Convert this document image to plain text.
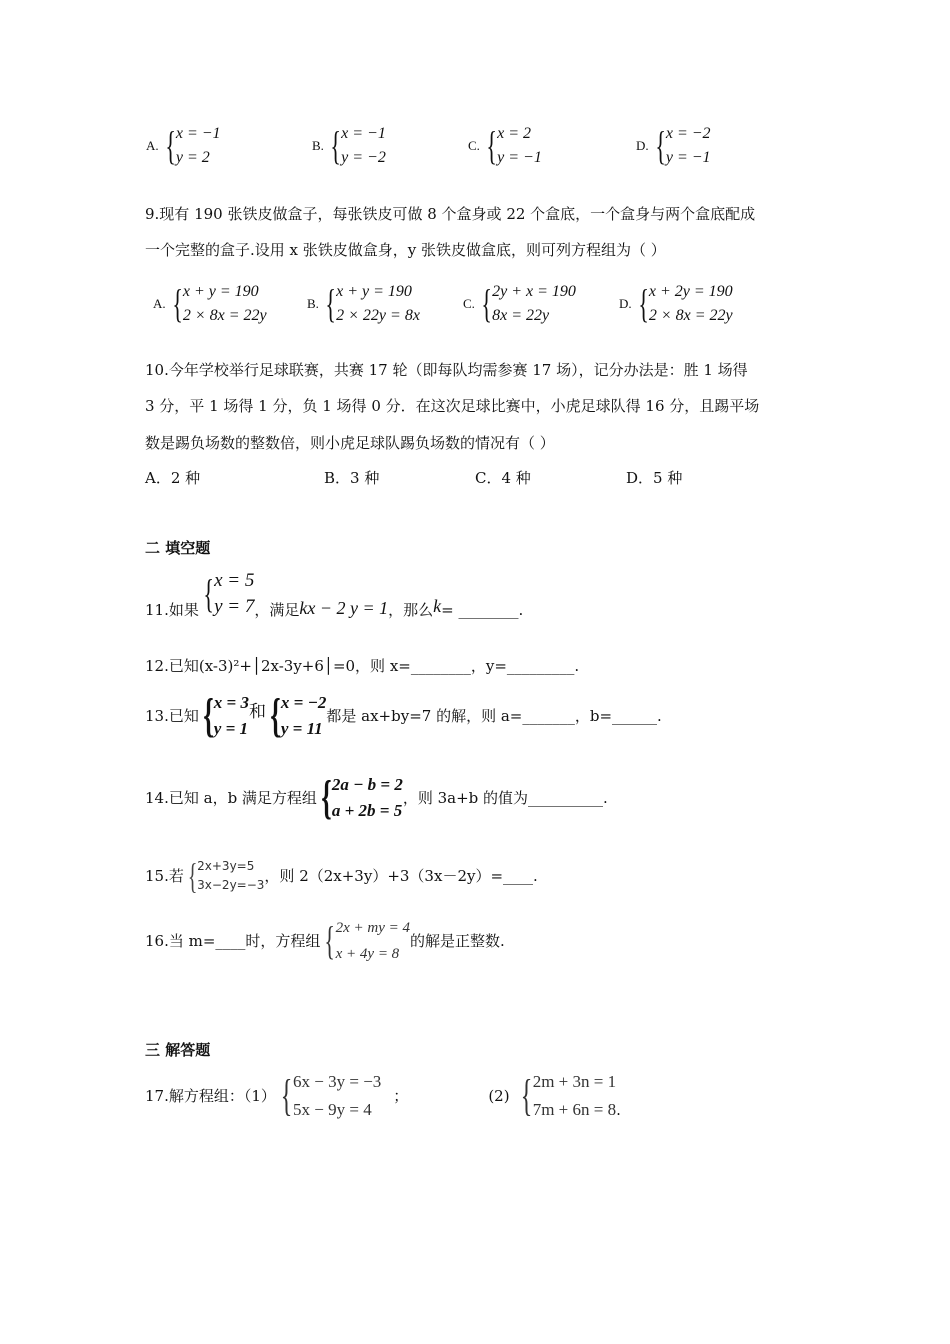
A. { x = −1
y = 2
B. { x = −1
y = −2
C. { x = 2
y = −1
D. { x = −2
y = −1
9.现有 190 张铁皮做盒子，每张铁皮可做 8 个盒身或 22 个盒底，一个盒身与两个盒底配成
一个完整的盒子.设用 x 张铁皮做盒身，y 张铁皮做盒底，则可列方程组为（ ）
A. { x + y = 190
2 × 8x = 22y
B. { x + y = 190
2 × 22y = 8x
C. { 2y + x = 190
8x = 22y
D. { x + 2y = 190
2 × 8x = 22y
10.今年学校举行足球联赛，共赛 17 轮（即每队均需参赛 17 场），记分办法是：胜 1 场得
3 分，平 1 场得 1 分，负 1 场得 0 分．在这次足球比赛中，小虎足球队得 16 分，且踢平场
数是踢负场数的整数倍，则小虎足球队踢负场数的情况有（ ）
A．2 种	B．3 种	C．4 种	D．5 种
二 填空题
11.如果 { x = 5
y = 7 ，满足 kx − 2 y = 1 ，那么 k = ________.
12.已知(x-3)²+│2x-3y+6│=0，则 x=________，y=_________.
13.已知 { x = 3
y = 1
和 { x = −2
y = 11
都是 ax+by=7 的解，则 a=_______，b=______.
14.已知 a，b 满足方程组 { 2a − b = 2
a + 2b = 5
，则 3a+b 的值为__________.
15.若 { 2x+3y=5
3x−2y=−3 ，则 2（2x+3y）+3（3x－2y）=____.
16.当 m=____时，方程组 { 2x + my = 4
x + 4y = 8
的解是正整数.
三 解答题
17.解方程组：（1） { 6x − 3y = −3
5x − 9y = 4
；	(2) { 2m + 3n = 1
7m + 6n = 8 .
